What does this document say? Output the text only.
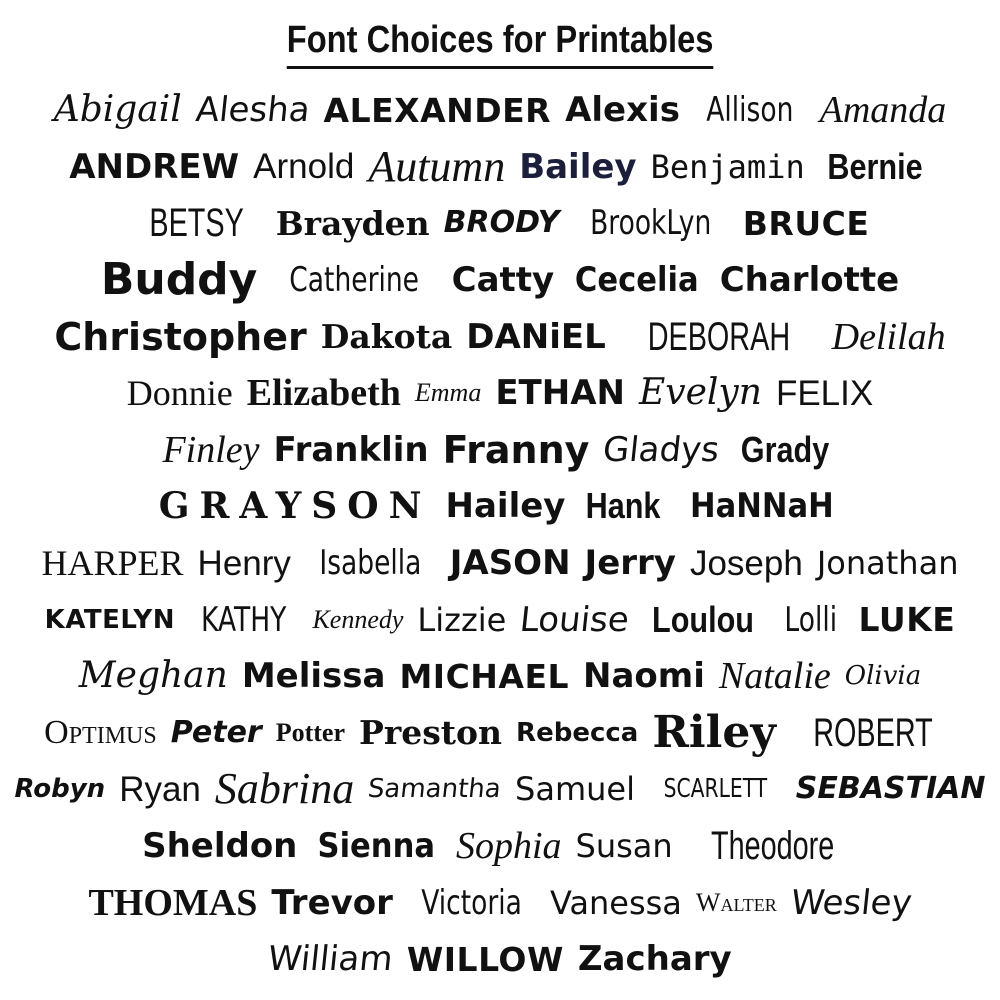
Font Choices for Printables
Abigail Alesha ALEXANDER Alexis Allison Amanda
ANDREW Arnold Autumn Bailey Benjamin Bernie
BETSY Brayden BRODY BrookLyn BRUCE
Buddy Catherine Catty Cecelia Charlotte
Christopher Dakota DANiEL DEBORAH Delilah
Donnie Elizabeth Emma ETHAN Evelyn FELIX
Finley Franklin Franny Gladys Grady
GRAYSON Hailey Hank HaNNaH
HARPER Henry Isabella JASON Jerry Joseph Jonathan
KATELYN KATHY Kennedy Lizzie Louise Loulou Lolli LUKE
Meghan Melissa MICHAEL Naomi Natalie Olivia
Optimus Peter Potter Preston Rebecca Riley ROBERT
Robyn Ryan Sabrina Samantha Samuel SCARLETT SEBASTIAN
Sheldon Sienna Sophia Susan Theodore
THOMAS Trevor Victoria Vanessa Walter Wesley
William WILLOW Zachary
